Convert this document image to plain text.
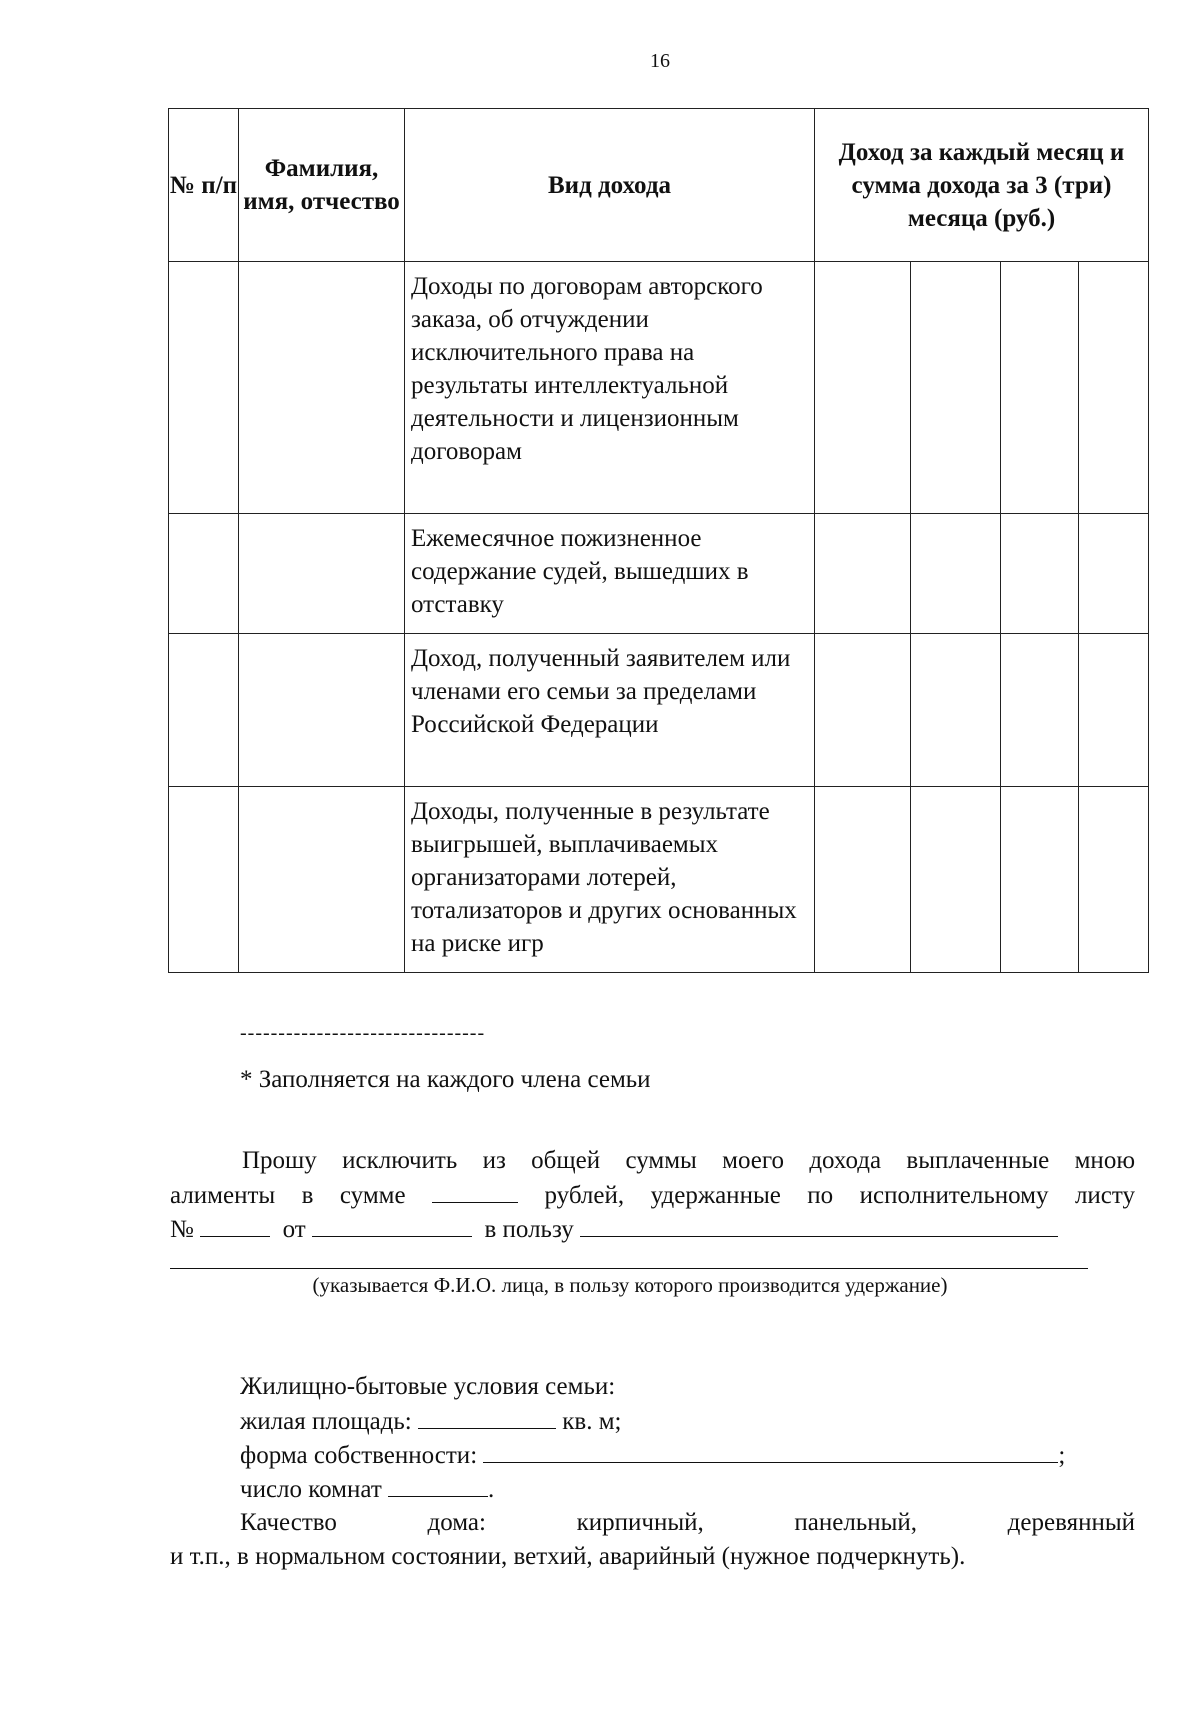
16
№ п/п	Фамилия, имя, отчество	Вид дохода	Доход за каждый месяц и сумма дохода за 3 (три) месяца (руб.)			
		Доходы по договорам авторского заказа, об отчуждении исключительного права на результаты интеллектуальной деятельности и лицензионным договорам				
		Ежемесячное пожизненное содержание судей, вышедших в отставку				
		Доход, полученный заявителем или членами его семьи за пределами Российской Федерации				
		Доходы, полученные в результате выигрышей, выплачиваемых организаторами лотерей, тотализаторов и других основанных на риске игр				
--------------------------------
* Заполняется на каждого члена семьи
Прошу исключить из общей суммы моего дохода выплаченные мною
алименты в сумме	рублей, удержанные по исполнительному листу
№	от	в пользу
(указывается Ф.И.О. лица, в пользу которого производится удержание)
Жилищно-бытовые условия семьи:
жилая площадь:	кв. м;
форма собственности:	;
число комнат	.
Качество дома: кирпичный, панельный, деревянный
и т.п., в нормальном состоянии, ветхий, аварийный (нужное подчеркнуть).
